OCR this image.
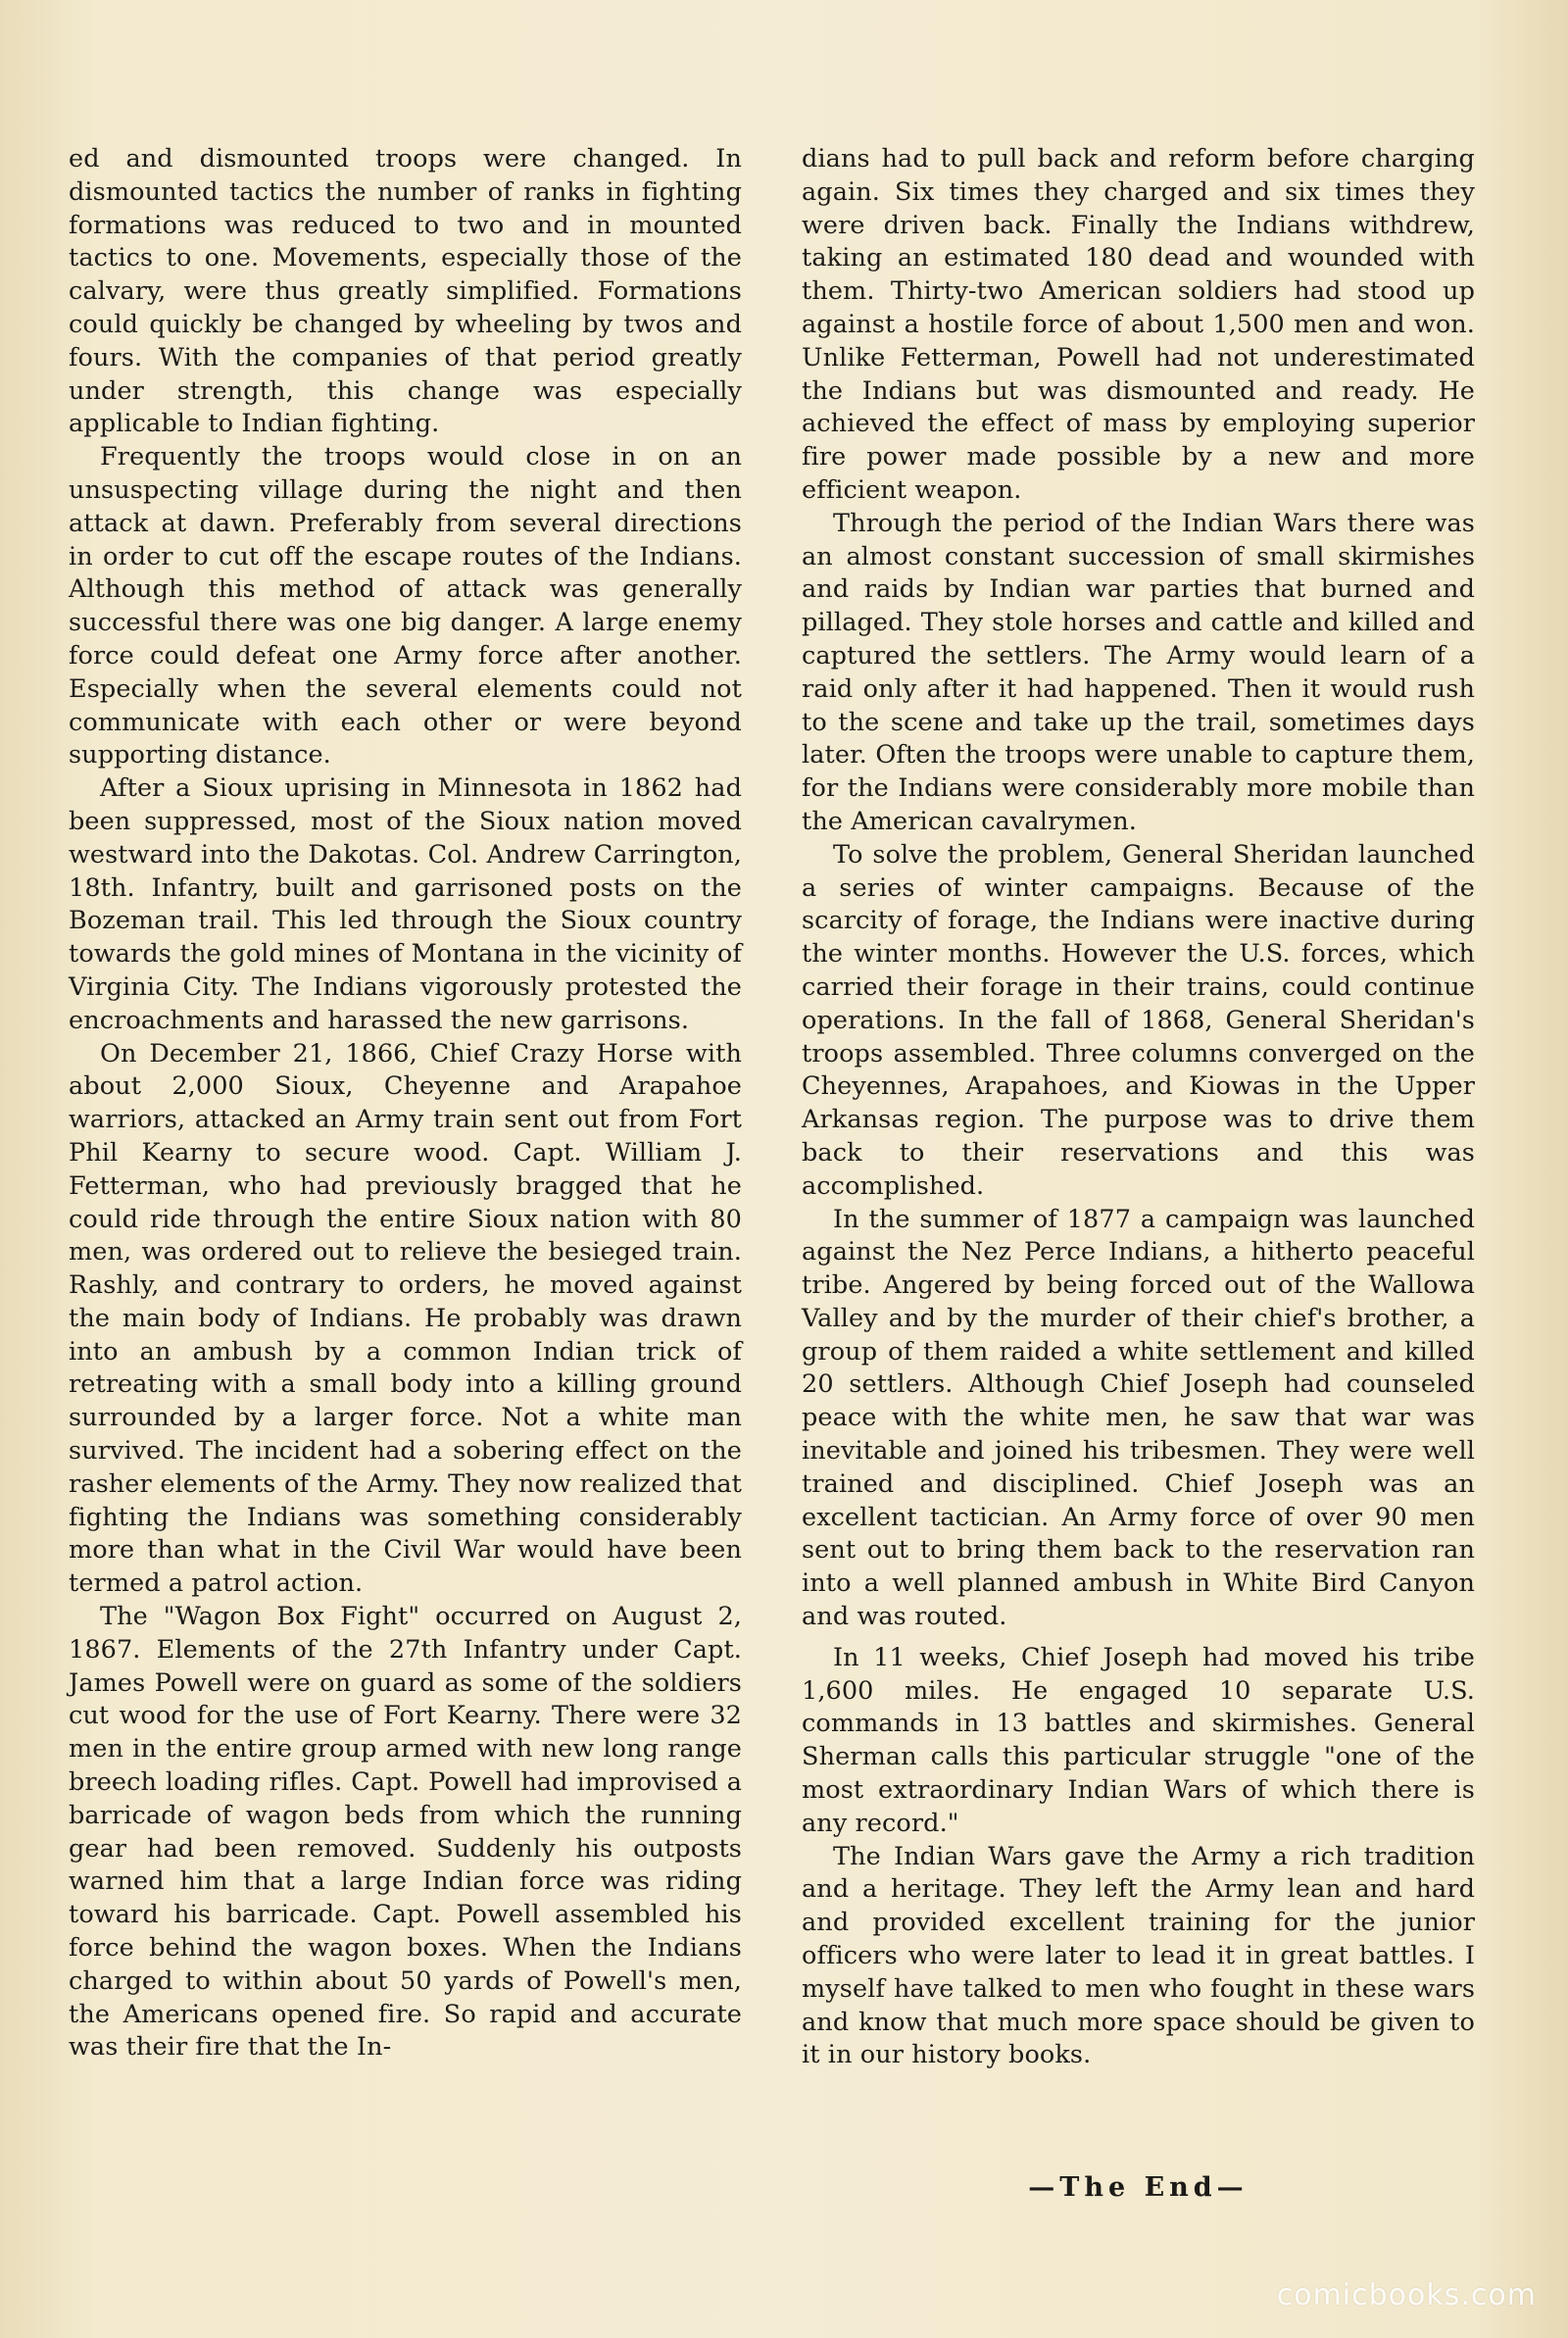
ed and dismounted troops were changed. In dismounted tactics the number of ranks in fighting formations was reduced to two and in mounted tactics to one. Movements, especially those of the calvary, were thus greatly simplified. Formations could quickly be changed by wheeling by twos and fours. With the companies of that period greatly under strength, this change was especially applicable to Indian fighting.

Frequently the troops would close in on an unsuspecting village during the night and then attack at dawn. Preferably from several directions in order to cut off the escape routes of the Indians. Although this method of attack was generally successful there was one big danger. A large enemy force could defeat one Army force after another. Especially when the several elements could not communicate with each other or were beyond supporting distance.

After a Sioux uprising in Minnesota in 1862 had been suppressed, most of the Sioux nation moved westward into the Dakotas. Col. Andrew Carrington, 18th. Infantry, built and garrisoned posts on the Bozeman trail. This led through the Sioux country towards the gold mines of Montana in the vicinity of Virginia City. The Indians vigorously protested the encroachments and harassed the new garrisons.

On December 21, 1866, Chief Crazy Horse with about 2,000 Sioux, Cheyenne and Arapahoe warriors, attacked an Army train sent out from Fort Phil Kearny to secure wood. Capt. William J. Fetterman, who had previously bragged that he could ride through the entire Sioux nation with 80 men, was ordered out to relieve the besieged train. Rashly, and contrary to orders, he moved against the main body of Indians. He probably was drawn into an ambush by a common Indian trick of retreating with a small body into a killing ground surrounded by a larger force. Not a white man survived. The incident had a sobering effect on the rasher elements of the Army. They now realized that fighting the Indians was something considerably more than what in the Civil War would have been termed a patrol action.

The "Wagon Box Fight" occurred on August 2, 1867. Elements of the 27th Infantry under Capt. James Powell were on guard as some of the soldiers cut wood for the use of Fort Kearny. There were 32 men in the entire group armed with new long range breech loading rifles. Capt. Powell had improvised a barricade of wagon beds from which the running gear had been removed. Suddenly his outposts warned him that a large Indian force was riding toward his barricade. Capt. Powell assembled his force behind the wagon boxes. When the Indians charged to within about 50 yards of Powell's men, the Americans opened fire. So rapid and accurate was their fire that the In-

dians had to pull back and reform before charging again. Six times they charged and six times they were driven back. Finally the Indians withdrew, taking an estimated 180 dead and wounded with them. Thirty-two American soldiers had stood up against a hostile force of about 1,500 men and won. Unlike Fetterman, Powell had not underestimated the Indians but was dismounted and ready. He achieved the effect of mass by employing superior fire power made possible by a new and more efficient weapon.

Through the period of the Indian Wars there was an almost constant succession of small skirmishes and raids by Indian war parties that burned and pillaged. They stole horses and cattle and killed and captured the settlers. The Army would learn of a raid only after it had happened. Then it would rush to the scene and take up the trail, sometimes days later. Often the troops were unable to capture them, for the Indians were considerably more mobile than the American cavalrymen.

To solve the problem, General Sheridan launched a series of winter campaigns. Because of the scarcity of forage, the Indians were inactive during the winter months. However the U.S. forces, which carried their forage in their trains, could continue operations. In the fall of 1868, General Sheridan's troops assembled. Three columns converged on the Cheyennes, Arapahoes, and Kiowas in the Upper Arkansas region. The purpose was to drive them back to their reservations and this was accomplished.

In the summer of 1877 a campaign was launched against the Nez Perce Indians, a hitherto peaceful tribe. Angered by being forced out of the Wallowa Valley and by the murder of their chief's brother, a group of them raided a white settlement and killed 20 settlers. Although Chief Joseph had counseled peace with the white men, he saw that war was inevitable and joined his tribesmen. They were well trained and disciplined. Chief Joseph was an excellent tactician. An Army force of over 90 men sent out to bring them back to the reservation ran into a well planned ambush in White Bird Canyon and was routed.

In 11 weeks, Chief Joseph had moved his tribe 1,600 miles. He engaged 10 separate U.S. commands in 13 battles and skirmishes. General Sherman calls this particular struggle "one of the most extraordinary Indian Wars of which there is any record."

The Indian Wars gave the Army a rich tradition and a heritage. They left the Army lean and hard and provided excellent training for the junior officers who were later to lead it in great battles. I myself have talked to men who fought in these wars and know that much more space should be given to it in our history books.

—The End—
comicbooks.com
